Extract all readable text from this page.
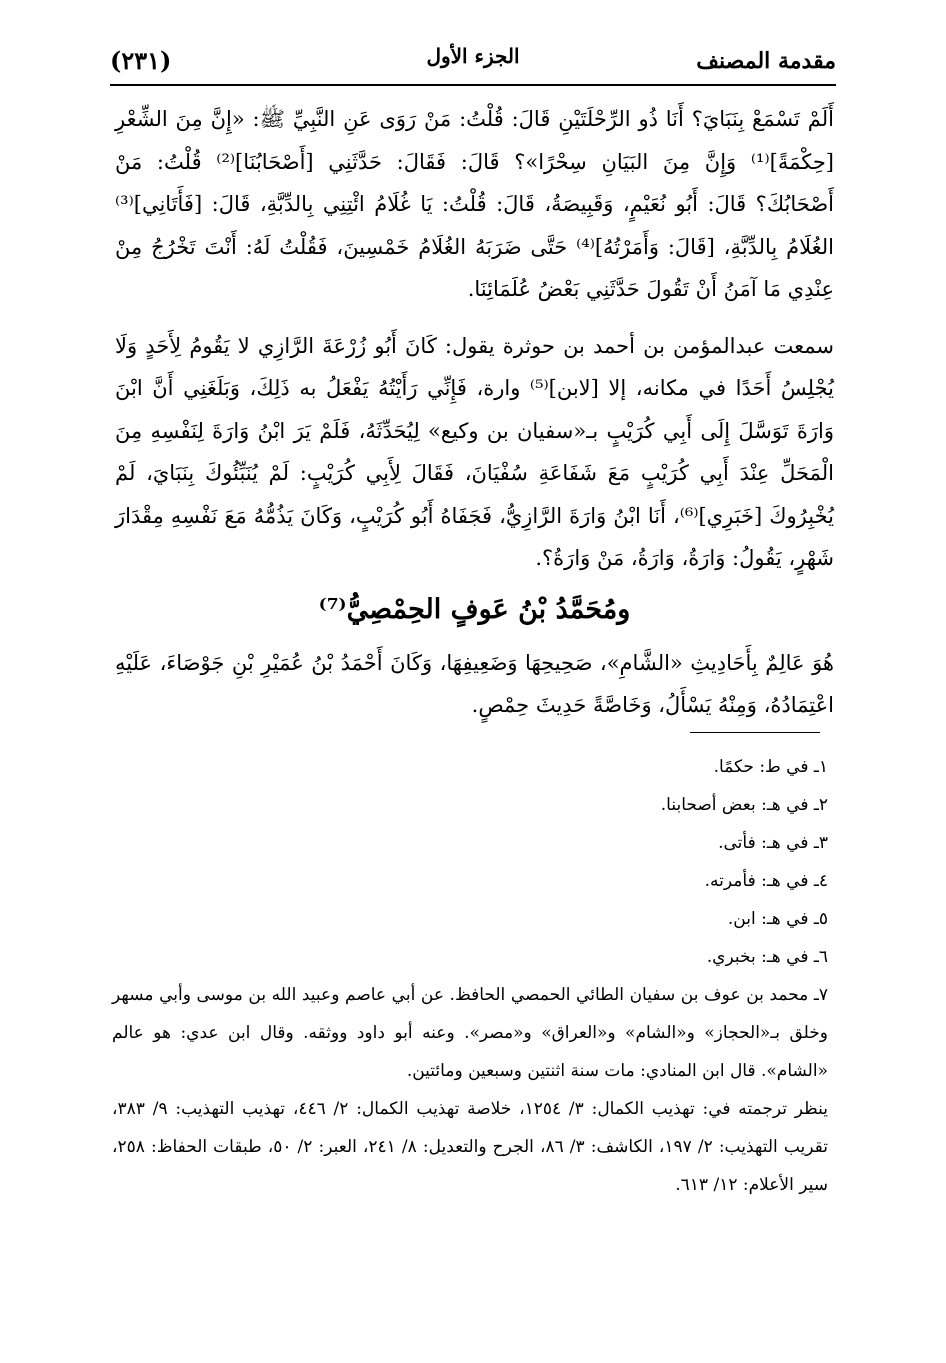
مقدمة المصنف
الجزء الأول
(٢٣١)

أَلَمْ تَسْمَعْ بِنَبَايَ؟ أَنَا ذُو الرِّحْلَتَيْنِ قَالَ: قُلْتُ: مَنْ رَوَى عَنِ النَّبِيِّ ﷺ: «إِنَّ مِنَ الشِّعْرِ [حِكْمَةً]⁽¹⁾ وَإِنَّ مِنَ البَيَانِ سِحْرًا»؟ قَالَ: فَقَالَ: حَدَّثَنِي [أَصْحَابُنَا]⁽²⁾ قُلْتُ: مَنْ أَصْحَابُكَ؟ قَالَ: أَبُو نُعَيْمٍ، وَقَبِيصَةُ، قَالَ: قُلْتُ: يَا غُلَامُ ائْتِنِي بِالدِّبَّةِ، قَالَ: [فَأَتَانِي]⁽³⁾ الغُلَامُ بِالدِّبَّةِ، [قَالَ: وَأَمَرْتُهُ]⁽⁴⁾ حَتَّى ضَرَبَهُ الغُلَامُ خَمْسِينَ، فَقُلْتُ لَهُ: أَنْتَ تَخْرُجُ مِنْ عِنْدِي مَا آمَنُ أَنْ تَقُولَ حَدَّثَنِي بَعْضُ عُلَمَائِنَا.

سمعت عبدالمؤمن بن أحمد بن حوثرة يقول: كَانَ أَبُو زُرْعَةَ الرَّازِي لا يَقُومُ لِأَحَدٍ وَلَا يُجْلِسُ أَحَدًا في مكانه، إلا [لابن]⁽⁵⁾ وارة، فَإِنِّي رَأَيْتُهُ يَفْعَلُ به ذَلِكَ، وَبَلَغَنِي أَنَّ ابْنَ وَارَةَ تَوَسَّلَ إِلَى أَبِي كُرَيْبٍ بـ«سفيان بن وكيع» لِيُحَدِّثَهُ، فَلَمْ يَرَ ابْنُ وَارَةَ لِنَفْسِهِ مِنَ الْمَحَلِّ عِنْدَ أَبِي كُرَيْبٍ مَعَ شَفَاعَةِ سُفْيَانَ، فَقَالَ لِأَبِي كُرَيْبٍ: لَمْ يُنَبِّئُوكَ بِنَبَايَ، لَمْ يُخْبِرُوكَ [خَبَرِي]⁽⁶⁾، أَنَا ابْنُ وَارَةَ الرَّازِيُّ، فَجَفَاهُ أَبُو كُرَيْبٍ، وَكَانَ يَذُمُّهُ مَعَ نَفْسِهِ مِقْدَارَ شَهْرٍ، يَقُولُ: وَارَةُ، وَارَةُ، مَنْ وَارَةُ؟.

ومُحَمَّدُ بْنُ عَوفٍ الحِمْصِيُّ⁽⁷⁾

هُوَ عَالِمٌ بِأَحَادِيثِ «الشَّامِ»، صَحِيحِهَا وَضَعِيفِهَا، وَكَانَ أَحْمَدُ بْنُ عُمَيْرِ بْنِ جَوْصَاءَ، عَلَيْهِ اعْتِمَادُهُ، وَمِنْهُ يَسْأَلُ، وَخَاصَّةً حَدِيثَ حِمْصٍ.

١ـ في ط: حكمًا.

٢ـ في هـ: بعض أصحابنا.

٣ـ في هـ: فأتى.

٤ـ في هـ: فأمرته.

٥ـ في هـ: ابن.

٦ـ في هـ: بخبري.

٧ـ محمد بن عوف بن سفيان الطائي الحمصي الحافظ. عن أبي عاصم وعبيد الله بن موسى وأبي مسهر وخلق بـ«الحجاز» و«الشام» و«العراق» و«مصر». وعنه أبو داود ووثقه. وقال ابن عدي: هو عالم «الشام». قال ابن المنادي: مات سنة اثنتين وسبعين ومائتين.

ينظر ترجمته في: تهذيب الكمال: ٣/ ١٢٥٤، خلاصة تهذيب الكمال: ٢/ ٤٤٦، تهذيب التهذيب: ٩/ ٣٨٣، تقريب التهذيب: ٢/ ١٩٧، الكاشف: ٣/ ٨٦، الجرح والتعديل: ٨/ ٢٤١، العبر: ٢/ ٥٠، طبقات الحفاظ: ٢٥٨، سير الأعلام: ١٢/ ٦١٣.
